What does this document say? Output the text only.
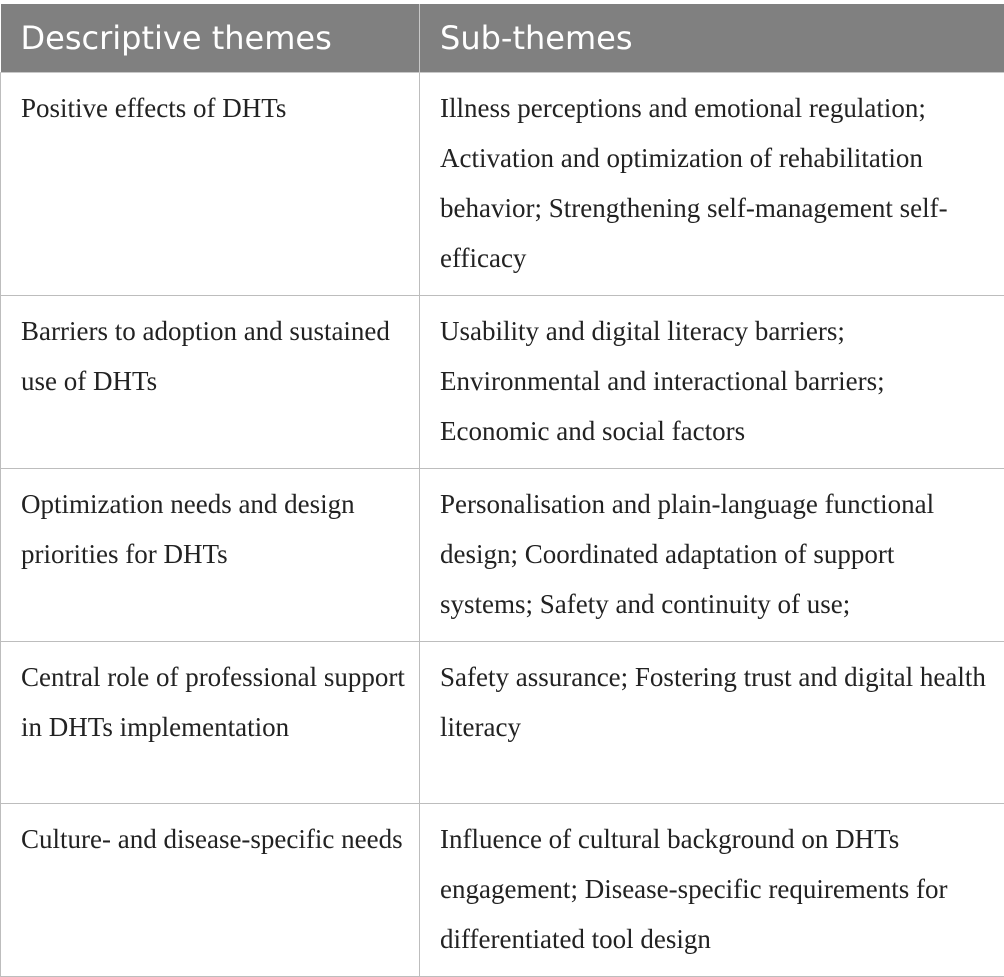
Descriptive themes	Sub-themes
Positive effects of DHTs	Illness perceptions and emotional regulation; Activation and optimization of rehabilitation behavior; Strengthening self-management self-efficacy
Barriers to adoption and sustained use of DHTs	Usability and digital literacy barriers; Environmental and interactional barriers; Economic and social factors
Optimization needs and design priorities for DHTs	Personalisation and plain-language functional design; Coordinated adaptation of support systems; Safety and continuity of use;
Central role of professional support in DHTs implementation	Safety assurance; Fostering trust and digital health literacy
Culture- and disease-specific needs	Influence of cultural background on DHTs engagement; Disease-specific requirements for differentiated tool design
